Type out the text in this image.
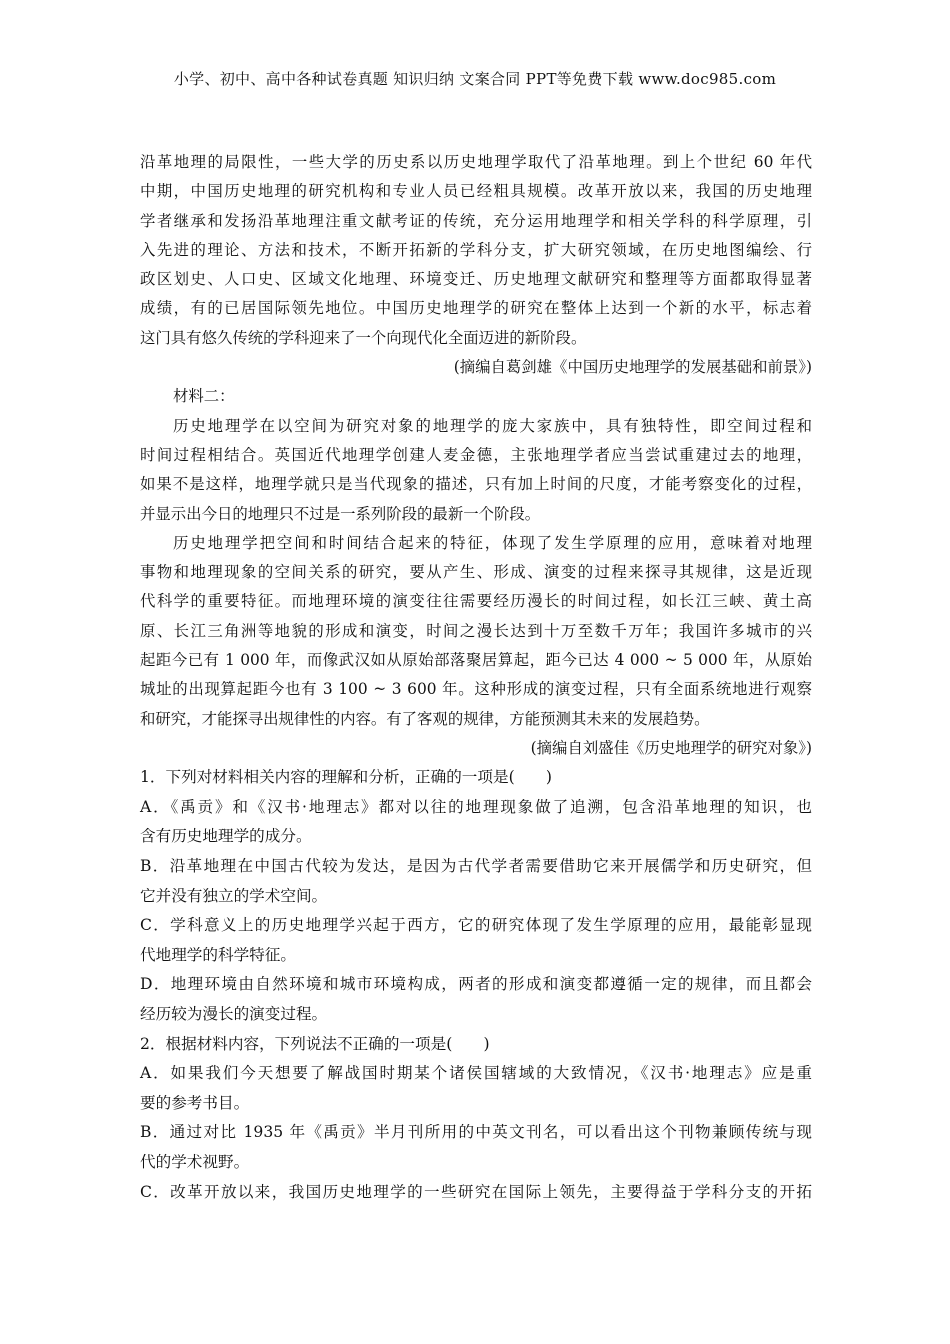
小学、初中、高中各种试卷真题 知识归纳 文案合同 PPT等免费下载 www.doc985.com
沿革地理的局限性，一些大学的历史系以历史地理学取代了沿革地理。到上个世纪 60 年代
中期，中国历史地理的研究机构和专业人员已经粗具规模。改革开放以来，我国的历史地理
学者继承和发扬沿革地理注重文献考证的传统，充分运用地理学和相关学科的科学原理，引
入先进的理论、方法和技术，不断开拓新的学科分支，扩大研究领域，在历史地图编绘、行
政区划史、人口史、区域文化地理、环境变迁、历史地理文献研究和整理等方面都取得显著
成绩，有的已居国际领先地位。中国历史地理学的研究在整体上达到一个新的水平，标志着
这门具有悠久传统的学科迎来了一个向现代化全面迈进的新阶段。
(摘编自葛剑雄《中国历史地理学的发展基础和前景》)
材料二：
历史地理学在以空间为研究对象的地理学的庞大家族中，具有独特性，即空间过程和
时间过程相结合。英国近代地理学创建人麦金德，主张地理学者应当尝试重建过去的地理，
如果不是这样，地理学就只是当代现象的描述，只有加上时间的尺度，才能考察变化的过程，
并显示出今日的地理只不过是一系列阶段的最新一个阶段。
历史地理学把空间和时间结合起来的特征，体现了发生学原理的应用，意味着对地理
事物和地理现象的空间关系的研究，要从产生、形成、演变的过程来探寻其规律，这是近现
代科学的重要特征。而地理环境的演变往往需要经历漫长的时间过程，如长江三峡、黄土高
原、长江三角洲等地貌的形成和演变，时间之漫长达到十万至数千万年；我国许多城市的兴
起距今已有 1 000 年，而像武汉如从原始部落聚居算起，距今已达 4 000 ~ 5 000 年，从原始
城址的出现算起距今也有 3 100 ~ 3 600 年。这种形成的演变过程，只有全面系统地进行观察
和研究，才能探寻出规律性的内容。有了客观的规律，方能预测其未来的发展趋势。
(摘编自刘盛佳《历史地理学的研究对象》)
1．下列对材料相关内容的理解和分析，正确的一项是(　　)
A．《禹贡》和《汉书·地理志》都对以往的地理现象做了追溯，包含沿革地理的知识，也
含有历史地理学的成分。
B．沿革地理在中国古代较为发达，是因为古代学者需要借助它来开展儒学和历史研究，但
它并没有独立的学术空间。
C．学科意义上的历史地理学兴起于西方，它的研究体现了发生学原理的应用，最能彰显现
代地理学的科学特征。
D．地理环境由自然环境和城市环境构成，两者的形成和演变都遵循一定的规律，而且都会
经历较为漫长的演变过程。
2．根据材料内容，下列说法不正确的一项是(　　)
A．如果我们今天想要了解战国时期某个诸侯国辖域的大致情况，《汉书·地理志》应是重
要的参考书目。
B．通过对比 1935 年《禹贡》半月刊所用的中英文刊名，可以看出这个刊物兼顾传统与现
代的学术视野。
C．改革开放以来，我国历史地理学的一些研究在国际上领先，主要得益于学科分支的开拓
